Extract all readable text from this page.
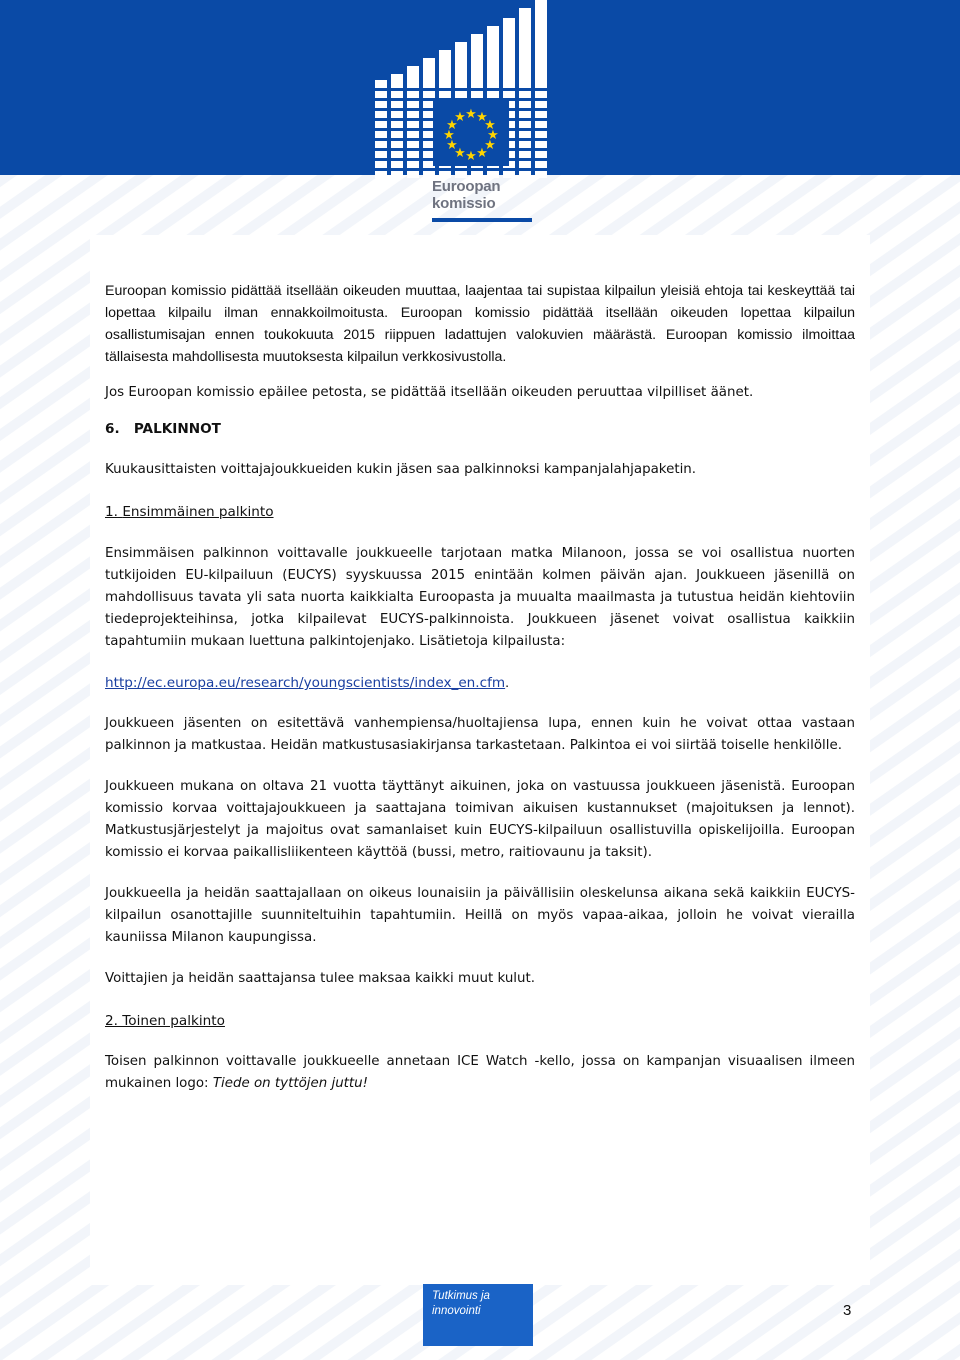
★ ★
★
★
★
★
★
★
★
★
★
★
Euroopan
komissio

Euroopan komissio pidättää itsellään oikeuden muuttaa, laajentaa tai supistaa kilpailun yleisiä ehtoja tai keskeyttää tai lopettaa kilpailu ilman ennakkoilmoitusta. Euroopan komissio pidättää itsellään oikeuden lopettaa kilpailun osallistumisajan ennen toukokuuta 2015 riippuen ladattujen valokuvien määrästä. Euroopan komissio ilmoittaa tällaisesta mahdollisesta muutoksesta kilpailun verkkosivustolla.

Jos Euroopan komissio epäilee petosta, se pidättää itsellään oikeuden peruuttaa vilpilliset äänet.

6. PALKINNOT

Kuukausittaisten voittajajoukkueiden kukin jäsen saa palkinnoksi kampanjalahjapaketin.

1. Ensimmäinen palkinto

Ensimmäisen palkinnon voittavalle joukkueelle tarjotaan matka Milanoon, jossa se voi osallistua nuorten tutkijoiden EU-kilpailuun (EUCYS) syyskuussa 2015 enintään kolmen päivän ajan. Joukkueen jäsenillä on mahdollisuus tavata yli sata nuorta kaikkialta Euroopasta ja muualta maailmasta ja tutustua heidän kiehtoviin tiedeprojekteihinsa, jotka kilpailevat EUCYS-palkinnoista. Joukkueen jäsenet voivat osallistua kaikkiin tapahtumiin mukaan luettuna palkintojenjako. Lisätietoja kilpailusta:

http://ec.europa.eu/research/youngscientists/index_en.cfm.

Joukkueen jäsenten on esitettävä vanhempiensa/huoltajiensa lupa, ennen kuin he voivat ottaa vastaan palkinnon ja matkustaa. Heidän matkustusasiakirjansa tarkastetaan. Palkintoa ei voi siirtää toiselle henkilölle.

Joukkueen mukana on oltava 21 vuotta täyttänyt aikuinen, joka on vastuussa joukkueen jäsenistä. Euroopan komissio korvaa voittajajoukkueen ja saattajana toimivan aikuisen kustannukset (majoituksen ja lennot). Matkustusjärjestelyt ja majoitus ovat samanlaiset kuin EUCYS-kilpailuun osallistuvilla opiskelijoilla. Euroopan komissio ei korvaa paikallisliikenteen käyttöä (bussi, metro, raitiovaunu ja taksit).

Joukkueella ja heidän saattajallaan on oikeus lounaisiin ja päivällisiin oleskelunsa aikana sekä kaikkiin EUCYS-kilpailun osanottajille suunniteltuihin tapahtumiin. Heillä on myös vapaa-aikaa, jolloin he voivat vierailla kauniissa Milanon kaupungissa.

Voittajien ja heidän saattajansa tulee maksaa kaikki muut kulut.

2. Toinen palkinto

Toisen palkinnon voittavalle joukkueelle annetaan ICE Watch -kello, jossa on kampanjan visuaalisen ilmeen mukainen logo: Tiede on tyttöjen juttu!

Tutkimus ja
innovointi	3
